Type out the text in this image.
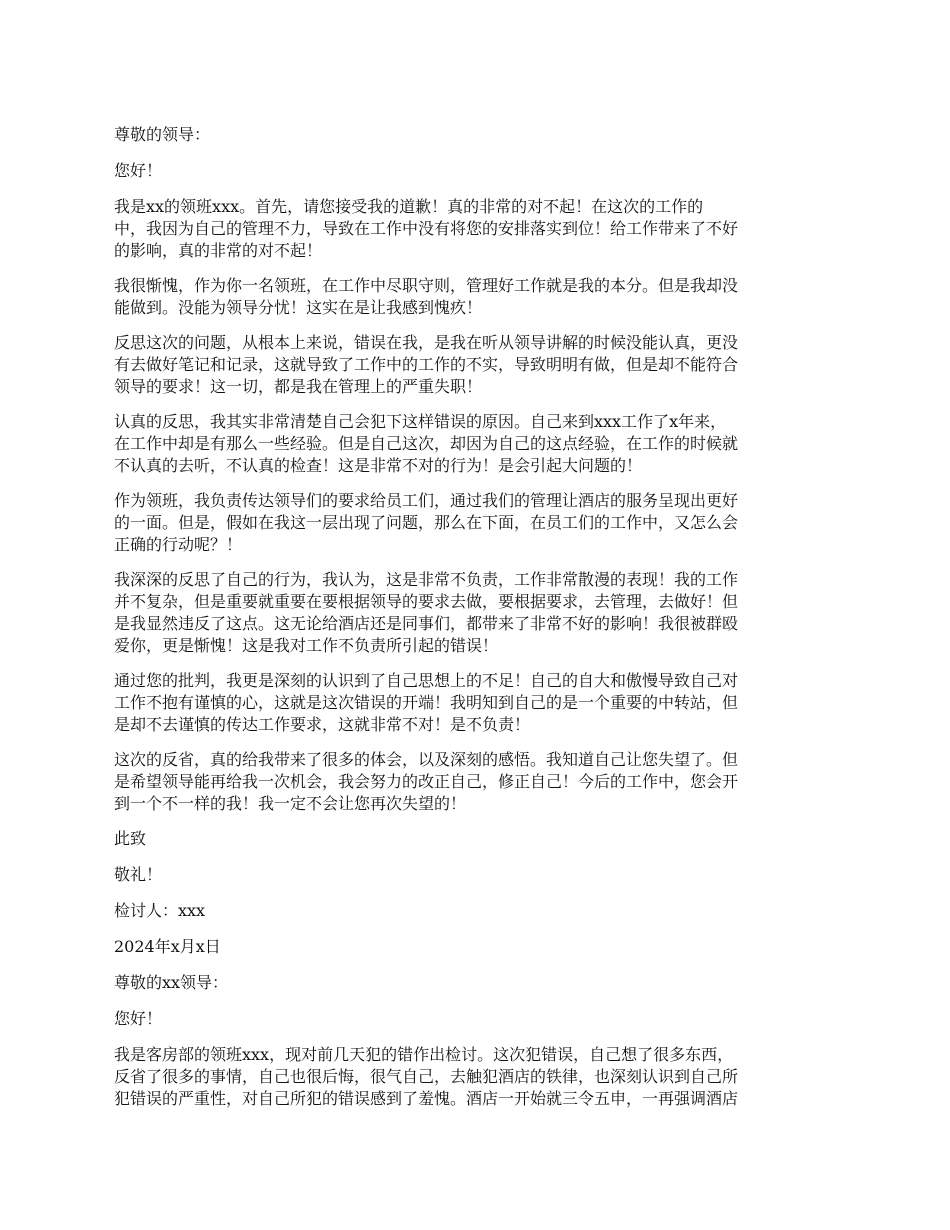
尊敬的领导：

您好！

我是xx的领班xxx。首先，请您接受我的道歉！真的非常的对不起！在这次的工作的
中，我因为自己的管理不力，导致在工作中没有将您的安排落实到位！给工作带来了不好
的影响，真的非常的对不起！

我很惭愧，作为你一名领班，在工作中尽职守则，管理好工作就是我的本分。但是我却没
能做到。没能为领导分忧！这实在是让我感到愧疚！

反思这次的问题，从根本上来说，错误在我，是我在听从领导讲解的时候没能认真，更没
有去做好笔记和记录，这就导致了工作中的工作的不实，导致明明有做，但是却不能符合
领导的要求！这一切，都是我在管理上的严重失职！

认真的反思，我其实非常清楚自己会犯下这样错误的原因。自己来到xxx工作了x年来，
在工作中却是有那么一些经验。但是自己这次，却因为自己的这点经验，在工作的时候就
不认真的去听，不认真的检查！这是非常不对的行为！是会引起大问题的！

作为领班，我负责传达领导们的要求给员工们，通过我们的管理让酒店的服务呈现出更好
的一面。但是，假如在我这一层出现了问题，那么在下面，在员工们的工作中，又怎么会
正确的行动呢？！

我深深的反思了自己的行为，我认为，这是非常不负责，工作非常散漫的表现！我的工作
并不复杂，但是重要就重要在要根据领导的要求去做，要根据要求，去管理，去做好！但
是我显然违反了这点。这无论给酒店还是同事们，都带来了非常不好的影响！我很被群殴
爱你，更是惭愧！这是我对工作不负责所引起的错误！

通过您的批判，我更是深刻的认识到了自己思想上的不足！自己的自大和傲慢导致自己对
工作不抱有谨慎的心，这就是这次错误的开端！我明知到自己的是一个重要的中转站，但
是却不去谨慎的传达工作要求，这就非常不对！是不负责！

这次的反省，真的给我带来了很多的体会，以及深刻的感悟。我知道自己让您失望了。但
是希望领导能再给我一次机会，我会努力的改正自己，修正自己！今后的工作中，您会开
到一个不一样的我！我一定不会让您再次失望的！

此致

敬礼！

检讨人：xxx

2024年x月x日

尊敬的xx领导：

您好！

我是客房部的领班xxx，现对前几天犯的错作出检讨。这次犯错误，自己想了很多东西，
反省了很多的事情，自己也很后悔，很气自己，去触犯酒店的铁律，也深刻认识到自己所
犯错误的严重性，对自己所犯的错误感到了羞愧。酒店一开始就三令五申，一再强调酒店
